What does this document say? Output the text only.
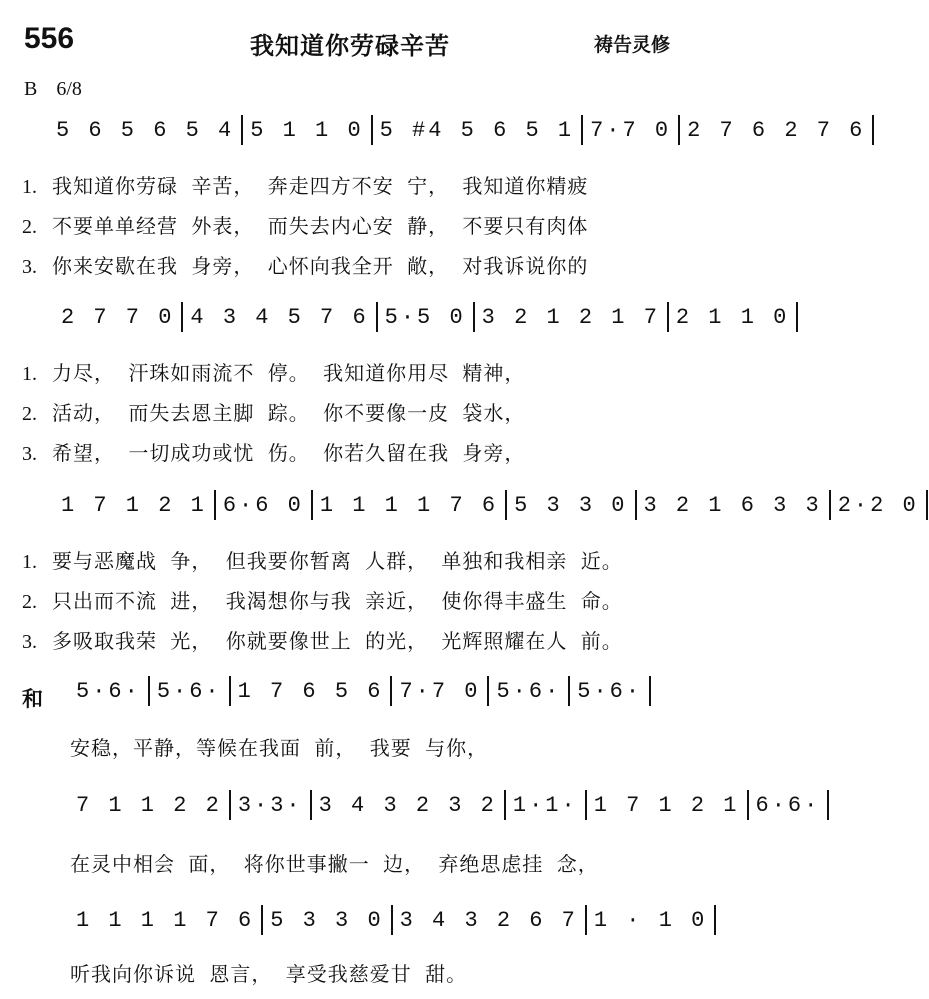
556	我知道你劳碌辛苦	祷告灵修
B 6/8
5 6 5 6 5 4 5 1 1 0 5 #4 5 6 5 1 7·7 0 2 7 6 2 7 6
1. 我知道你劳碌 辛苦， 奔走四方不安 宁， 我知道你精疲
2. 不要单单经营 外表， 而失去内心安 静， 不要只有肉体
3. 你来安歇在我 身旁， 心怀向我全开 敞， 对我诉说你的
2 7 7 0 4 3 4 5 7 6 5·5 0 3 2 1 2 1 7 2 1 1 0
1. 力尽， 汗珠如雨流不 停。 我知道你用尽 精神，
2. 活动， 而失去恩主脚 踪。 你不要像一皮 袋水，
3. 希望， 一切成功或忧 伤。 你若久留在我 身旁，
1 7 1 2 1 6·6 0 1 1 1 1 7 6 5 3 3 0 3 2 1 6 3 3 2·2 0
1. 要与恶魔战 争， 但我要你暂离 人群， 单独和我相亲 近。
2. 只出而不流 进， 我渴想你与我 亲近， 使你得丰盛生 命。
3. 多吸取我荣 光， 你就要像世上 的光， 光辉照耀在人 前。
5·6· 5·6· 1 7 6 5 6 7·7 0 5·6· 5·6·
安稳，平静，等候在我面 前， 我要 与你，
7 1 1 2 2 3·3· 3 4 3 2 3 2 1·1· 1 7 1 2 1 6·6·
在灵中相会 面， 将你世事撇一 边， 弃绝思虑挂 念，
1 1 1 1 7 6 5 3 3 0 3 4 3 2 6 7 1 · 1 0
听我向你诉说 恩言， 享受我慈爱甘 甜。
和
